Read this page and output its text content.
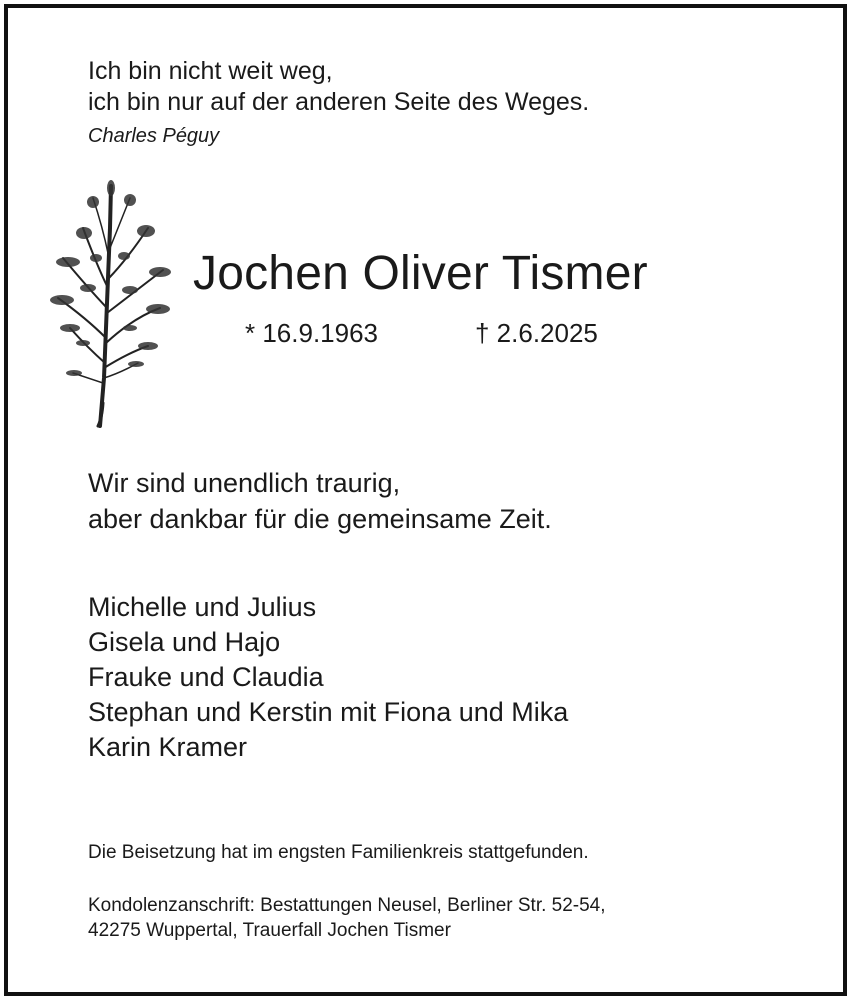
Ich bin nicht weit weg,
ich bin nur auf der anderen Seite des Weges.
Charles Péguy
Jochen Oliver Tismer
* 16.9.1963	† 2.6.2025
Wir sind unendlich traurig,
aber dankbar für die gemeinsame Zeit.
Michelle und Julius
Gisela und Hajo
Frauke und Claudia
Stephan und Kerstin mit Fiona und Mika
Karin Kramer
Die Beisetzung hat im engsten Familienkreis stattgefunden.
Kondolenzanschrift: Bestattungen Neusel, Berliner Str. 52-54,
42275 Wuppertal, Trauerfall Jochen Tismer
